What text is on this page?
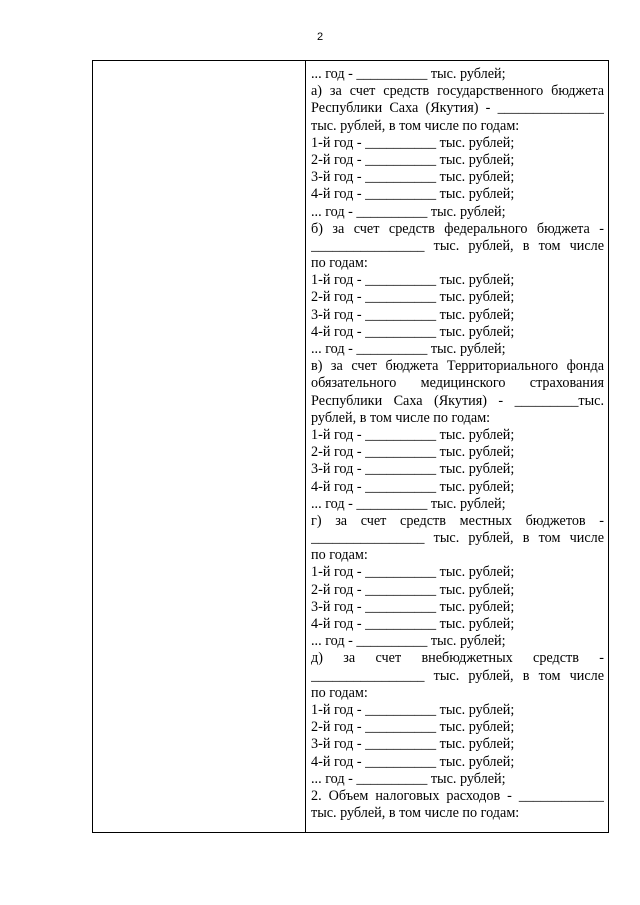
2
... год - __________ тыс. рублей;
а) за счет средств государственного бюджета
Республики Саха (Якутия) - _______________
тыс. рублей, в том числе по годам:
1-й год - __________ тыс. рублей;
2-й год - __________ тыс. рублей;
3-й год - __________ тыс. рублей;
4-й год - __________ тыс. рублей;
... год - __________ тыс. рублей;
б) за счет средств федерального бюджета -
________________ тыс. рублей, в том числе
по годам:
1-й год - __________ тыс. рублей;
2-й год - __________ тыс. рублей;
3-й год - __________ тыс. рублей;
4-й год - __________ тыс. рублей;
... год - __________ тыс. рублей;
в) за счет бюджета Территориального фонда
обязательного медицинского страхования
Республики Саха (Якутия) - _________тыс.
рублей, в том числе по годам:
1-й год - __________ тыс. рублей;
2-й год - __________ тыс. рублей;
3-й год - __________ тыс. рублей;
4-й год - __________ тыс. рублей;
... год - __________ тыс. рублей;
г) за счет средств местных бюджетов -
________________ тыс. рублей, в том числе
по годам:
1-й год - __________ тыс. рублей;
2-й год - __________ тыс. рублей;
3-й год - __________ тыс. рублей;
4-й год - __________ тыс. рублей;
... год - __________ тыс. рублей;
д) за счет внебюджетных средств -
________________ тыс. рублей, в том числе
по годам:
1-й год - __________ тыс. рублей;
2-й год - __________ тыс. рублей;
3-й год - __________ тыс. рублей;
4-й год - __________ тыс. рублей;
... год - __________ тыс. рублей;
2. Объем налоговых расходов - ____________
тыс. рублей, в том числе по годам:
